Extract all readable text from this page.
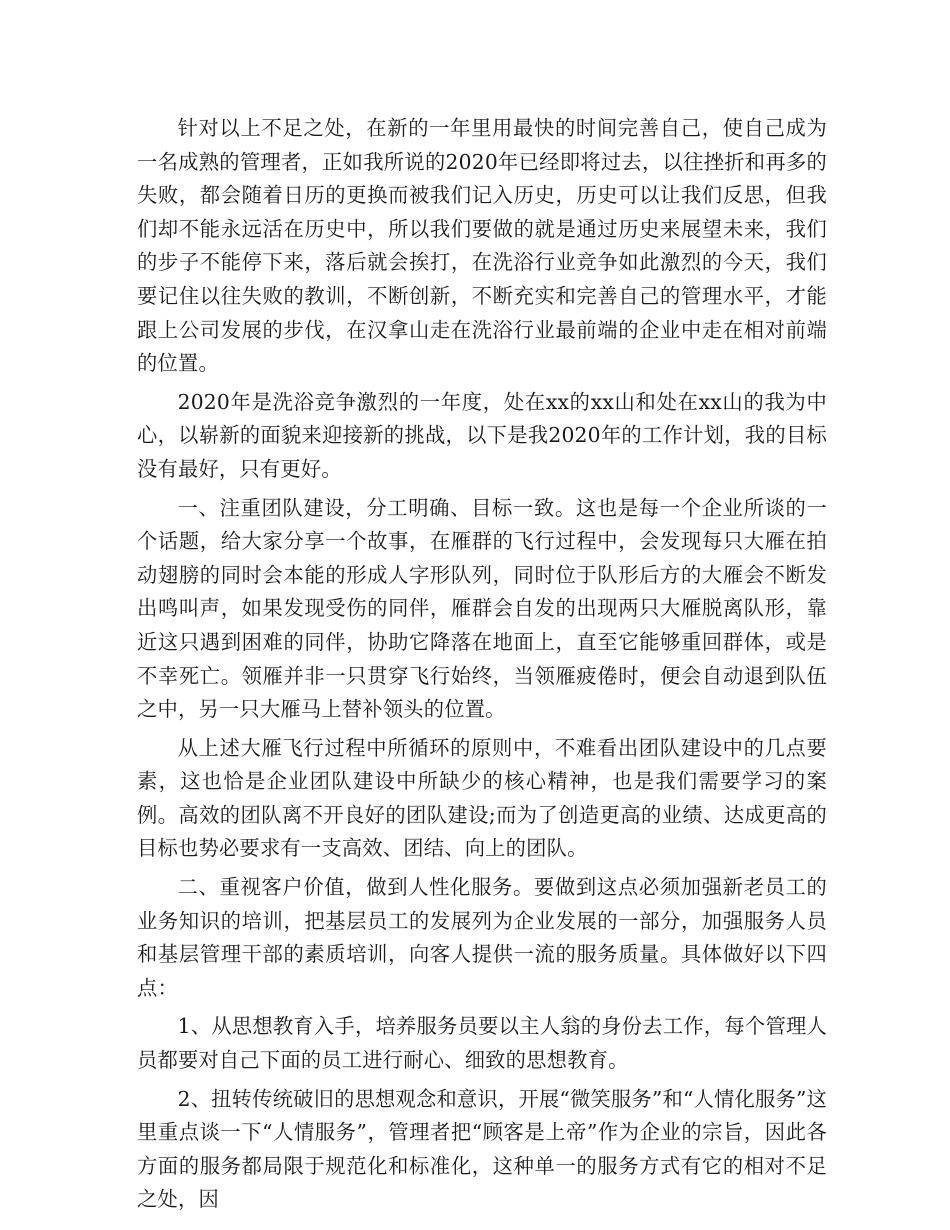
针对以上不足之处，在新的一年里用最快的时间完善自己，使自己成为一名成熟的管理者，正如我所说的2020年已经即将过去，以往挫折和再多的失败，都会随着日历的更换而被我们记入历史，历史可以让我们反思，但我们却不能永远活在历史中，所以我们要做的就是通过历史来展望未来，我们的步子不能停下来，落后就会挨打，在洗浴行业竞争如此激烈的今天，我们要记住以往失败的教训，不断创新，不断充实和完善自己的管理水平，才能跟上公司发展的步伐，在汉拿山走在洗浴行业最前端的企业中走在相对前端的位置。

2020年是洗浴竞争激烈的一年度，处在xx的xx山和处在xx山的我为中心，以崭新的面貌来迎接新的挑战，以下是我2020年的工作计划，我的目标没有最好，只有更好。

一、注重团队建设，分工明确、目标一致。这也是每一个企业所谈的一个话题，给大家分享一个故事，在雁群的飞行过程中，会发现每只大雁在拍动翅膀的同时会本能的形成人字形队列，同时位于队形后方的大雁会不断发出鸣叫声，如果发现受伤的同伴，雁群会自发的出现两只大雁脱离队形，靠近这只遇到困难的同伴，协助它降落在地面上，直至它能够重回群体，或是不幸死亡。领雁并非一只贯穿飞行始终，当领雁疲倦时，便会自动退到队伍之中，另一只大雁马上替补领头的位置。

从上述大雁飞行过程中所循环的原则中，不难看出团队建设中的几点要素，这也恰是企业团队建设中所缺少的核心精神，也是我们需要学习的案例。高效的团队离不开良好的团队建设;而为了创造更高的业绩、达成更高的目标也势必要求有一支高效、团结、向上的团队。

二、重视客户价值，做到人性化服务。要做到这点必须加强新老员工的业务知识的培训，把基层员工的发展列为企业发展的一部分，加强服务人员和基层管理干部的素质培训，向客人提供一流的服务质量。具体做好以下四点：

1、从思想教育入手，培养服务员要以主人翁的身份去工作，每个管理人员都要对自己下面的员工进行耐心、细致的思想教育。

2、扭转传统破旧的思想观念和意识，开展“微笑服务”和“人情化服务”这里重点谈一下“人情服务”，管理者把“顾客是上帝”作为企业的宗旨，因此各方面的服务都局限于规范化和标准化，这种单一的服务方式有它的相对不足之处，因
